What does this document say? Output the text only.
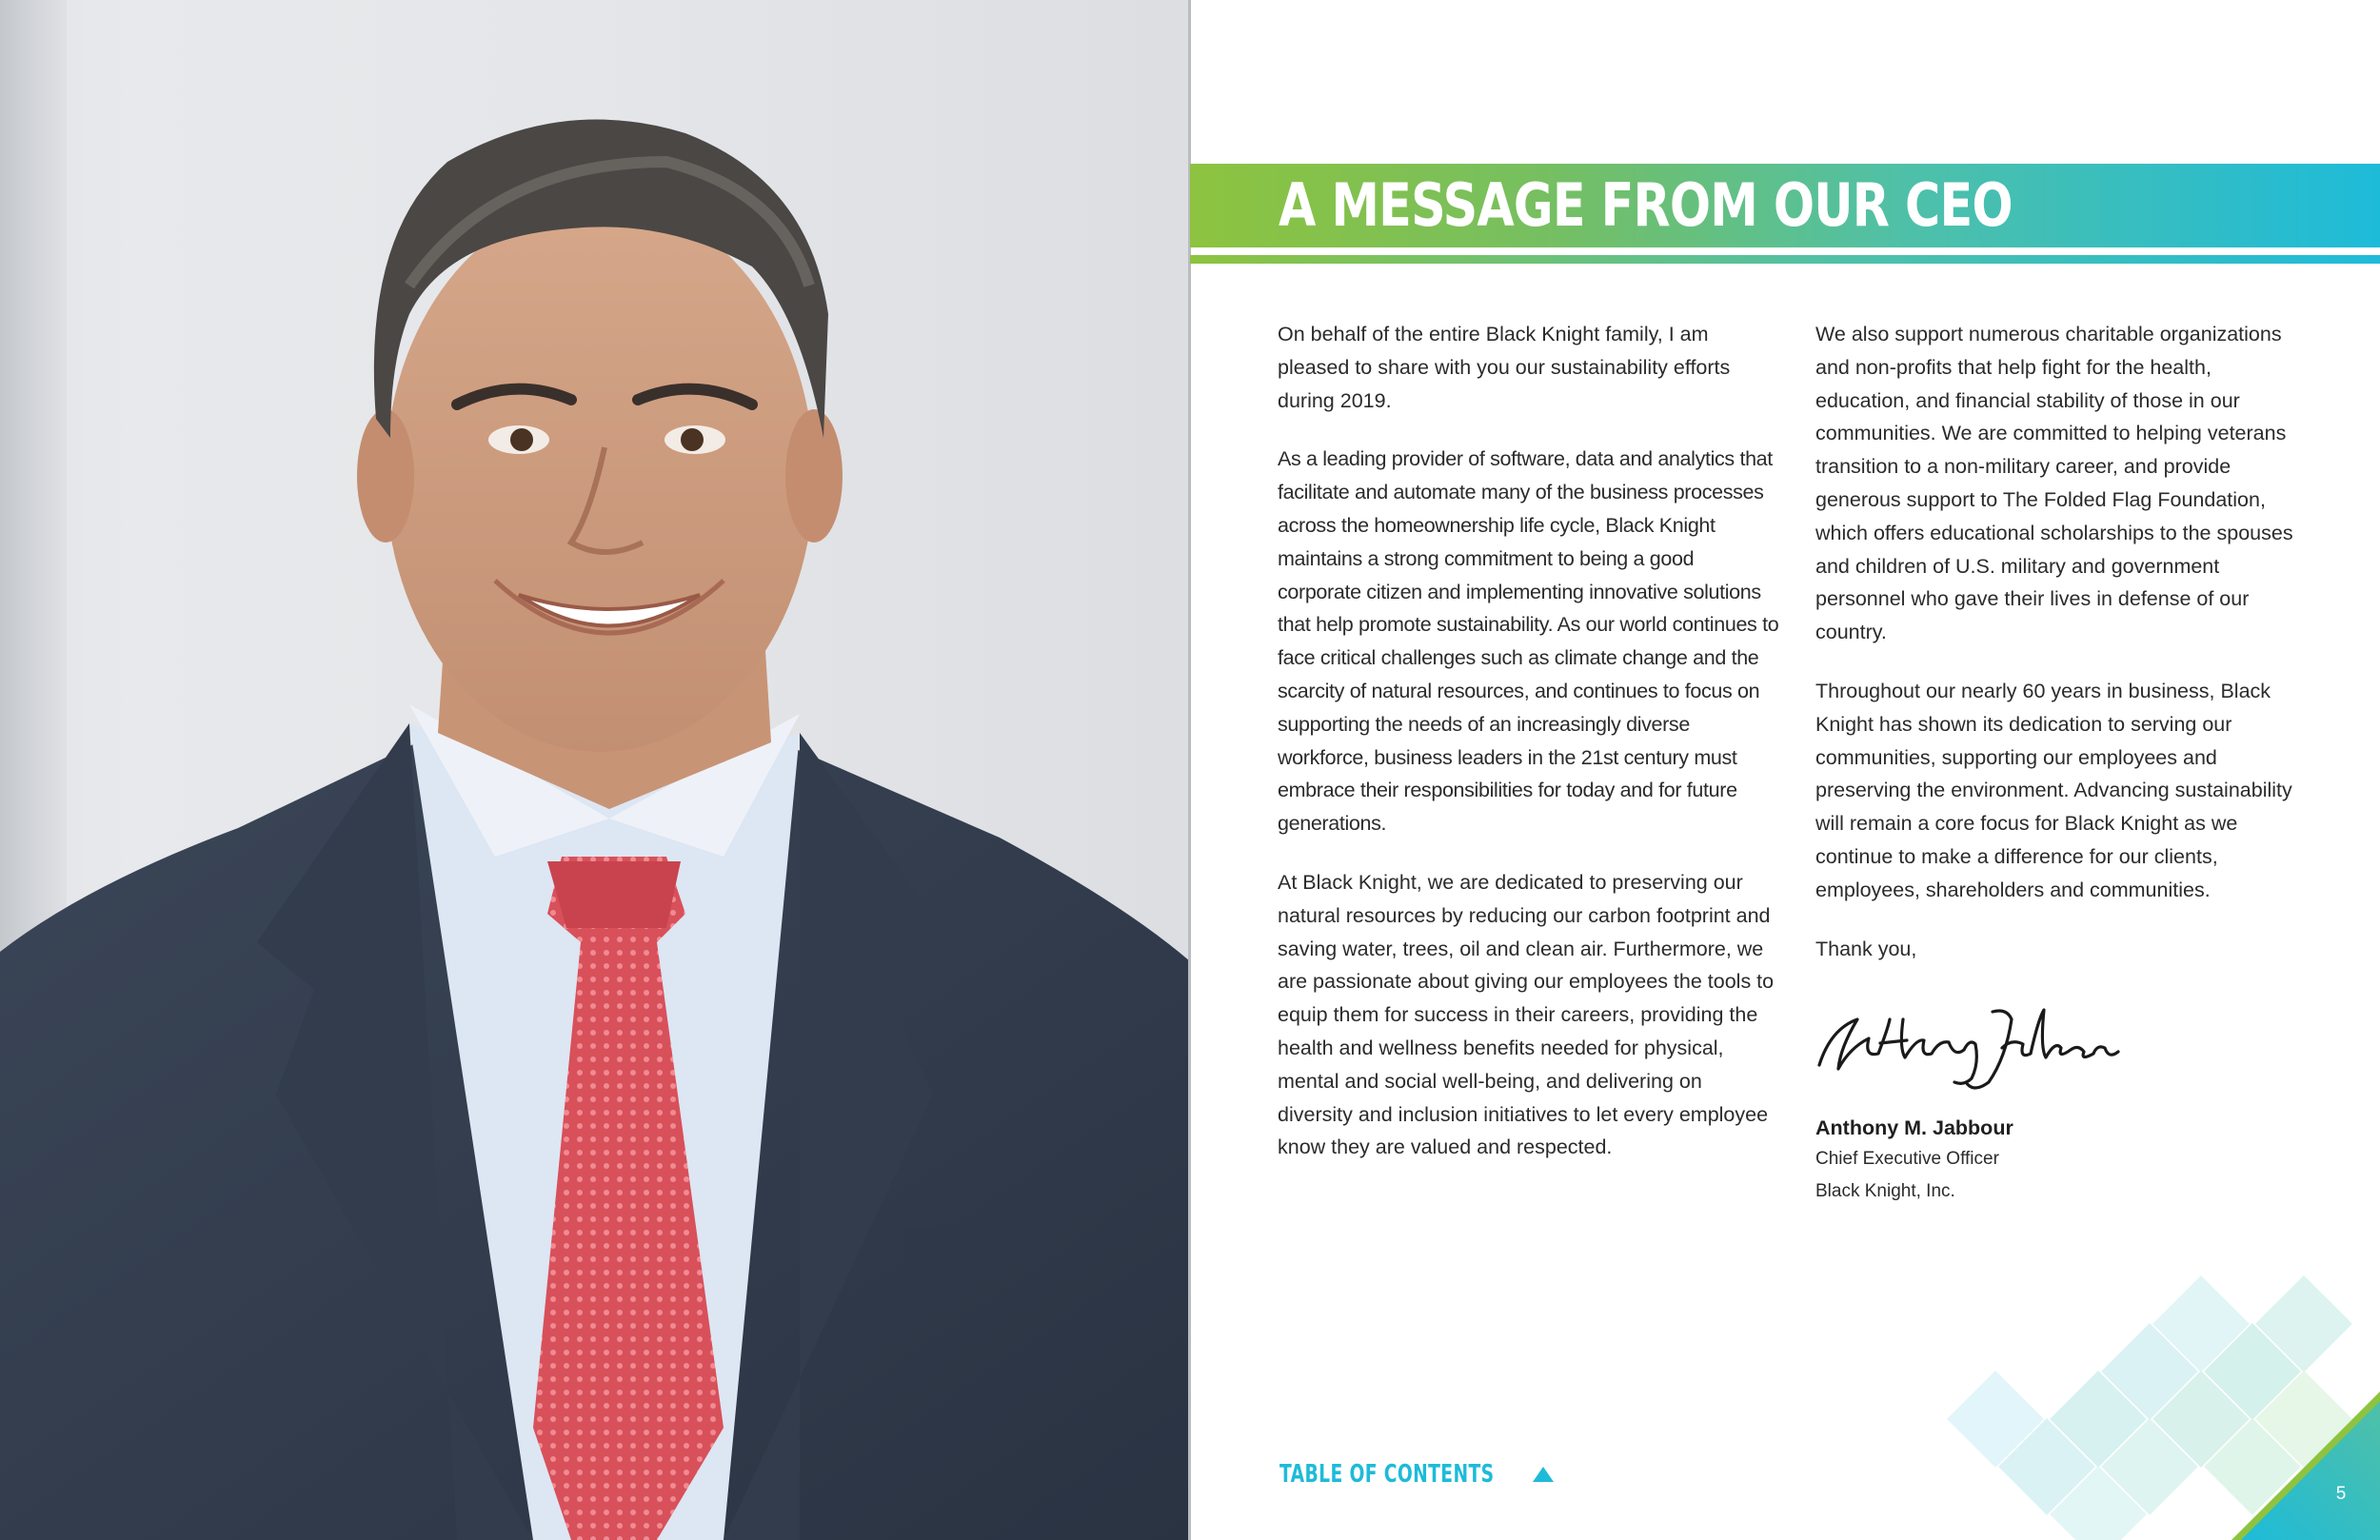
A MESSAGE FROM OUR CEO

On behalf of the entire Black Knight family, I am pleased to share with you our sustainability efforts during 2019.

As a leading provider of software, data and analytics that facilitate and automate many of the business processes across the homeownership life cycle, Black Knight maintains a strong commitment to being a good corporate citizen and implementing innovative solutions that help promote sustainability. As our world continues to face critical challenges such as climate change and the scarcity of natural resources, and continues to focus on supporting the needs of an increasingly diverse workforce, business leaders in the 21st century must embrace their responsibilities for today and for future generations.

At Black Knight, we are dedicated to preserving our natural resources by reducing our carbon footprint and saving water, trees, oil and clean air. Furthermore, we are passionate about giving our employees the tools to equip them for success in their careers, providing the health and wellness benefits needed for physical, mental and social well-being, and delivering on diversity and inclusion initiatives to let every employee know they are valued and respected.

We also support numerous charitable organizations and non-profits that help fight for the health, education, and financial stability of those in our communities. We are committed to helping veterans transition to a non-military career, and provide generous support to The Folded Flag Foundation, which offers educational scholarships to the spouses and children of U.S. military and government personnel who gave their lives in defense of our country.

Throughout our nearly 60 years in business, Black Knight has shown its dedication to serving our communities, supporting our employees and preserving the environment. Advancing sustainability will remain a core focus for Black Knight as we continue to make a difference for our clients, employees, shareholders and communities.

Thank you,

Anthony M. Jabbour
Chief Executive Officer
Black Knight, Inc.
5
TABLE OF CONTENTS
